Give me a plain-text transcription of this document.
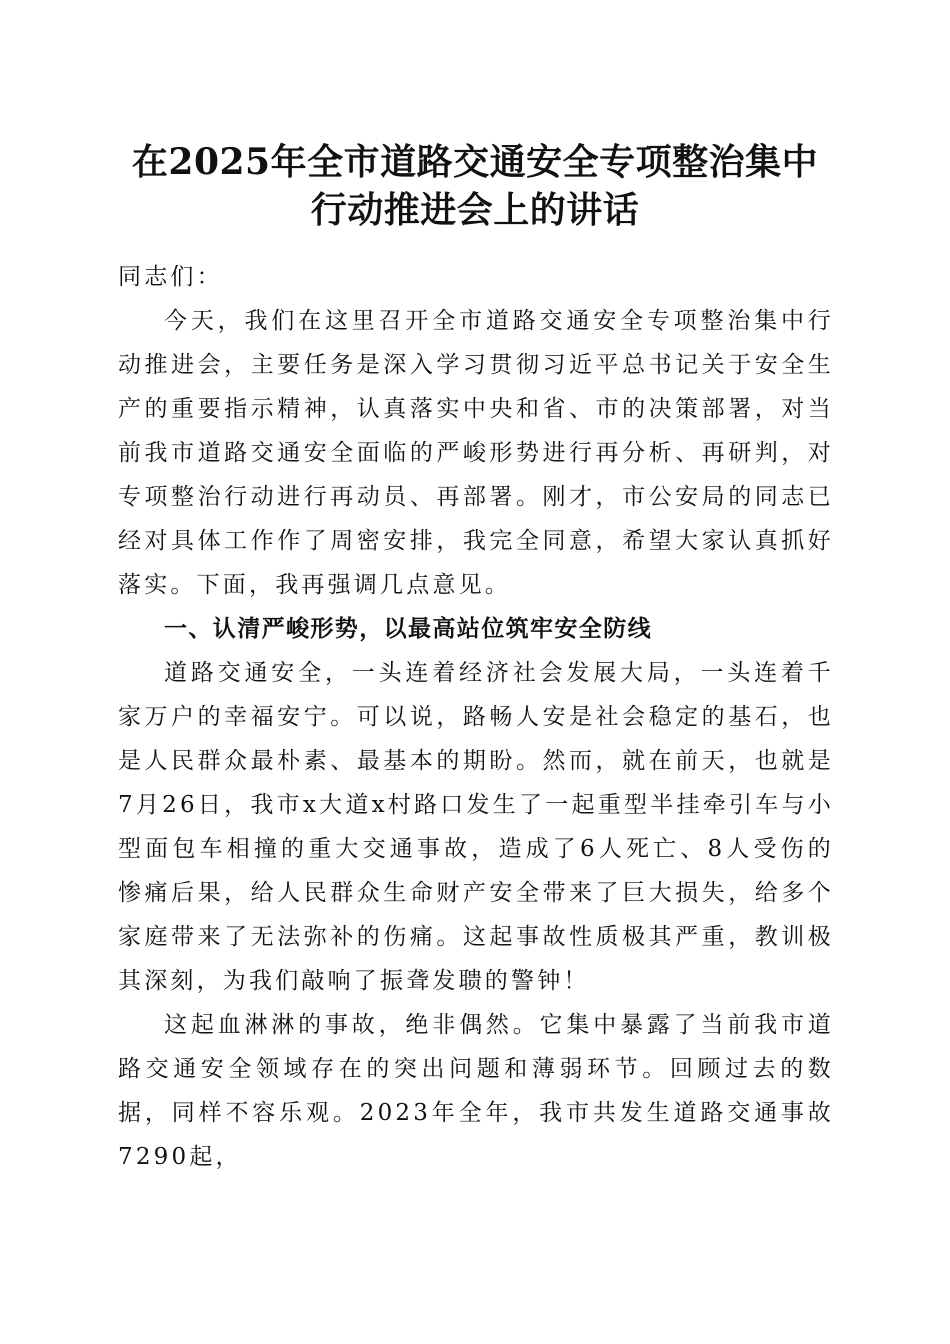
在2025年全市道路交通安全专项整治集中行动推进会上的讲话

同志们：

今天，我们在这里召开全市道路交通安全专项整治集中行动推进会，主要任务是深入学习贯彻习近平总书记关于安全生产的重要指示精神，认真落实中央和省、市的决策部署，对当前我市道路交通安全面临的严峻形势进行再分析、再研判，对专项整治行动进行再动员、再部署。刚才，市公安局的同志已经对具体工作作了周密安排，我完全同意，希望大家认真抓好落实。下面，我再强调几点意见。

一、认清严峻形势，以最高站位筑牢安全防线

道路交通安全，一头连着经济社会发展大局，一头连着千家万户的幸福安宁。可以说，路畅人安是社会稳定的基石，也是人民群众最朴素、最基本的期盼。然而，就在前天，也就是7月26日，我市x大道x村路口发生了一起重型半挂牵引车与小型面包车相撞的重大交通事故，造成了6人死亡、8人受伤的惨痛后果，给人民群众生命财产安全带来了巨大损失，给多个家庭带来了无法弥补的伤痛。这起事故性质极其严重，教训极其深刻，为我们敲响了振聋发聩的警钟！

这起血淋淋的事故，绝非偶然。它集中暴露了当前我市道路交通安全领域存在的突出问题和薄弱环节。回顾过去的数据，同样不容乐观。2023年全年，我市共发生道路交通事故7290起，
